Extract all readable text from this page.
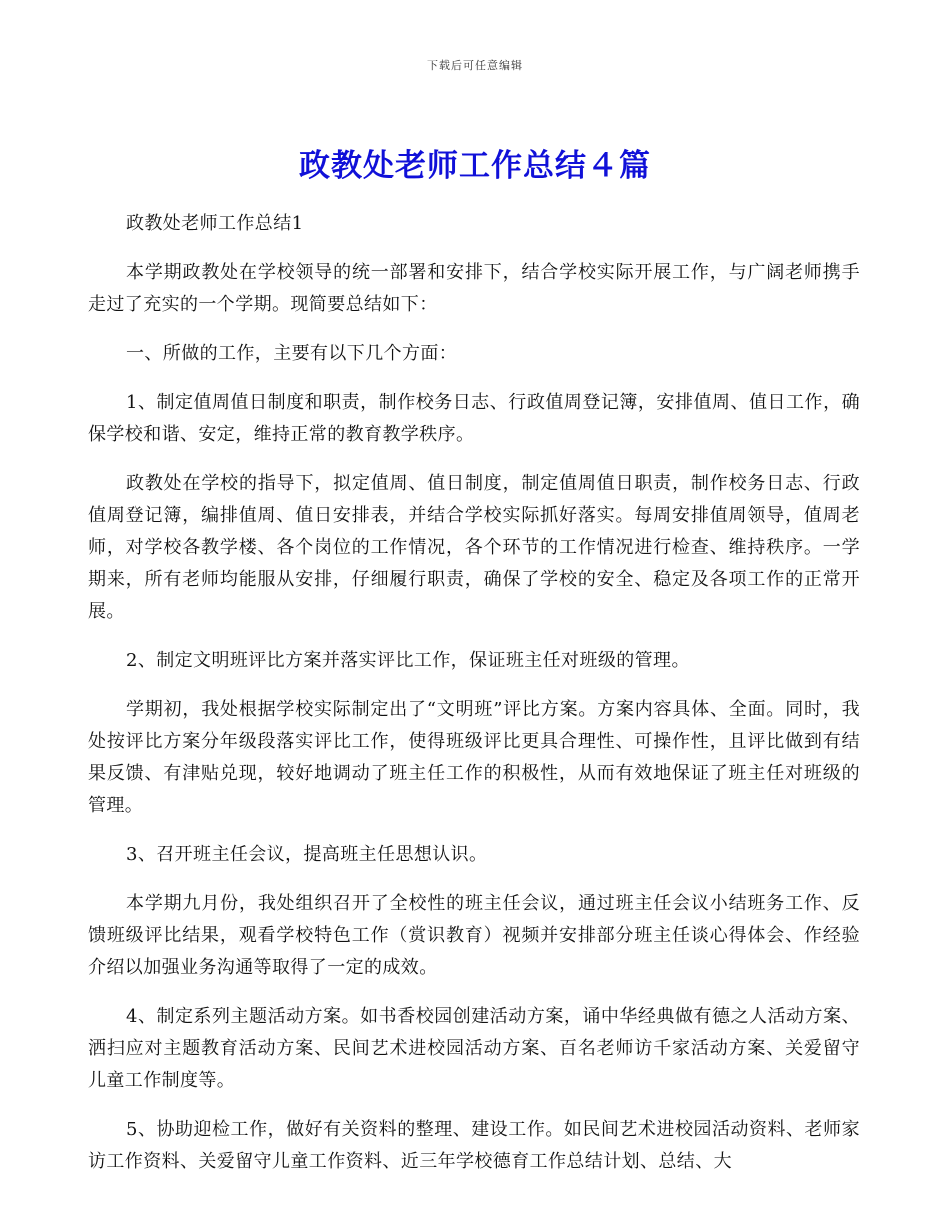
下载后可任意编辑
政教处老师工作总结４篇

政教处老师工作总结1

本学期政教处在学校领导的统一部署和安排下，结合学校实际开展工作，与广阔老师携手走过了充实的一个学期。现简要总结如下：

一、所做的工作，主要有以下几个方面：

1、制定值周值日制度和职责，制作校务日志、行政值周登记簿，安排值周、值日工作，确保学校和谐、安定，维持正常的教育教学秩序。

政教处在学校的指导下，拟定值周、值日制度，制定值周值日职责，制作校务日志、行政值周登记簿，编排值周、值日安排表，并结合学校实际抓好落实。每周安排值周领导，值周老师，对学校各教学楼、各个岗位的工作情况，各个环节的工作情况进行检查、维持秩序。一学期来，所有老师均能服从安排，仔细履行职责，确保了学校的安全、稳定及各项工作的正常开展。

2、制定文明班评比方案并落实评比工作，保证班主任对班级的管理。

学期初，我处根据学校实际制定出了“文明班”评比方案。方案内容具体、全面。同时，我处按评比方案分年级段落实评比工作，使得班级评比更具合理性、可操作性，且评比做到有结果反馈、有津贴兑现，较好地调动了班主任工作的积极性，从而有效地保证了班主任对班级的管理。

3、召开班主任会议，提高班主任思想认识。

本学期九月份，我处组织召开了全校性的班主任会议，通过班主任会议小结班务工作、反馈班级评比结果，观看学校特色工作（赏识教育）视频并安排部分班主任谈心得体会、作经验介绍以加强业务沟通等取得了一定的成效。

4、制定系列主题活动方案。如书香校园创建活动方案，诵中华经典做有德之人活动方案、洒扫应对主题教育活动方案、民间艺术进校园活动方案、百名老师访千家活动方案、关爱留守儿童工作制度等。

5、协助迎检工作，做好有关资料的整理、建设工作。如民间艺术进校园活动资料、老师家访工作资料、关爱留守儿童工作资料、近三年学校德育工作总结计划、总结、大
